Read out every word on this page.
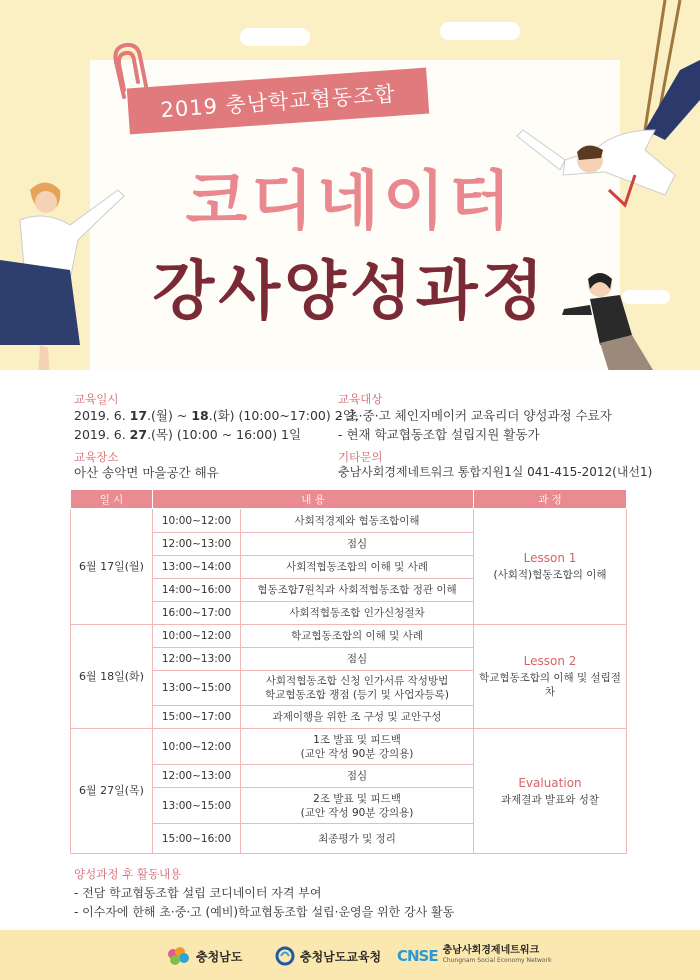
2019 충남학교협동조합
코디네이터
강사양성과정
교육일시
2019. 6. 17.(월) ~ 18.(화) (10:00~17:00) 2일,
2019. 6. 27.(목) (10:00 ~ 16:00) 1일
교육장소
아산 송악면 마을공간 해유
교육대상
- 초·중·고 체인지메이커 교육리더 양성과정 수료자
- 현재 학교협동조합 설립지원 활동가
기타문의
충남사회경제네트워크 통합지원1실 041-415-2012(내선1)
일 시	내 용		과 정
6월 17일(월)	10:00~12:00	사회적경제와 협동조합이해	Lesson 1
(사회적)협동조합의 이해
	12:00~13:00	점심	
	13:00~14:00	사회적협동조합의 이해 및 사례	
	14:00~16:00	협동조합7원칙과 사회적협동조합 정관 이해	
	16:00~17:00	사회적협동조합 인가신청절차	
6월 18일(화)	10:00~12:00	학교협동조합의 이해 및 사례	Lesson 2
학교협동조합의 이해 및 설립절차
	12:00~13:00	점심	
	13:00~15:00	사회적협동조합 신청 인가서류 작성방법
학교협동조합 쟁점 (등기 및 사업자등록)	
	15:00~17:00	과제이행을 위한 조 구성 및 교안구성	
6월 27일(목)	10:00~12:00	1조 발표 및 피드백
(교안 작성 90분 강의용)	Evaluation
과제결과 발표와 성찰
	12:00~13:00	점심	
	13:00~15:00	2조 발표 및 피드백
(교안 작성 90분 강의용)	
	15:00~16:00	최종평가 및 정리	
양성과정 후 활동내용
- 전담 학교협동조합 설립 코디네이터 자격 부여
- 이수자에 한해 초·중·고 (예비)학교협동조합 설립·운영을 위한 강사 활동
충청남도	충청남도교육청 CNSE 충남사회경제네트워크
Chungnam Social Economy Network
